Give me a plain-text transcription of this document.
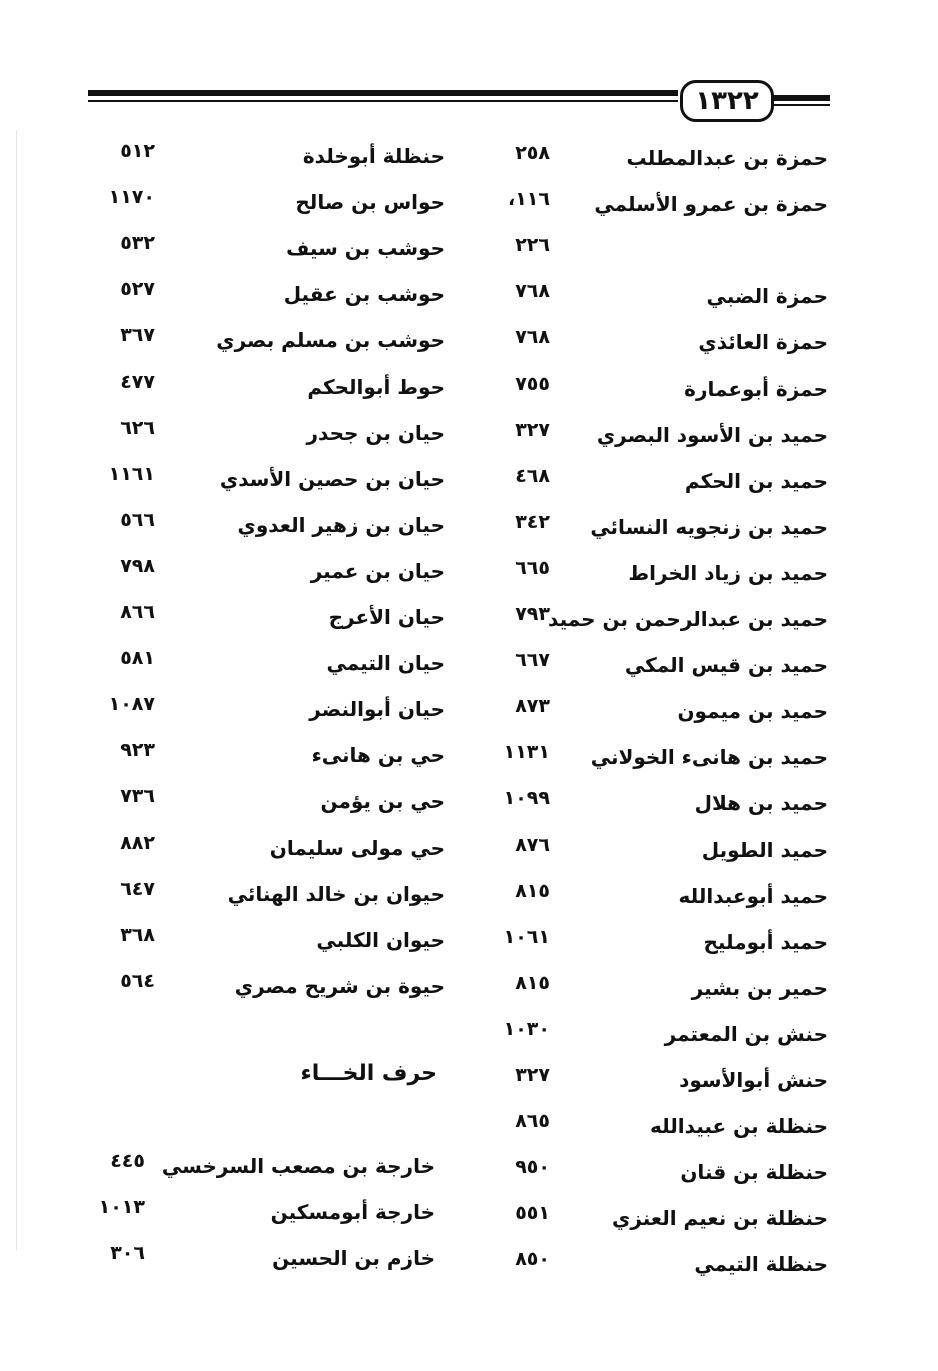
١٣٢٢
حمزة بن عبدالمطلب
٢٥٨
حمزة بن عمرو الأسلمي
١١٦،
٢٢٦
حمزة الضبي
٧٦٨
حمزة العائذي
٧٦٨
حمزة أبوعمارة
٧٥٥
حميد بن الأسود البصري
٣٢٧
حميد بن الحكم
٤٦٨
حميد بن زنجويه النسائي
٣٤٢
حميد بن زياد الخراط
٦٦٥
حميد بن عبدالرحمن بن حميد
٧٩٣
حميد بن قيس المكي
٦٦٧
حميد بن ميمون
٨٧٣
حميد بن هانىء الخولاني
١١٣١
حميد بن هلال
١٠٩٩
حميد الطويل
٨٧٦
حميد أبوعبدالله
٨١٥
حميد أبومليح
١٠٦١
حمير بن بشير
٨١٥
حنش بن المعتمر
١٠٣٠
حنش أبوالأسود
٣٢٧
حنظلة بن عبيدالله
٨٦٥
حنظلة بن قنان
٩٥٠
حنظلة بن نعيم العنزي
٥٥١
حنظلة التيمي
٨٥٠
حنظلة أبوخلدة
٥١٢
حواس بن صالح
١١٧٠
حوشب بن سيف
٥٣٢
حوشب بن عقيل
٥٢٧
حوشب بن مسلم بصري
٣٦٧
حوط أبوالحكم
٤٧٧
حيان بن جحدر
٦٢٦
حيان بن حصين الأسدي
١١٦١
حيان بن زهير العدوي
٥٦٦
حيان بن عمير
٧٩٨
حيان الأعرج
٨٦٦
حيان التيمي
٥٨١
حيان أبوالنضر
١٠٨٧
حي بن هانىء
٩٢٣
حي بن يؤمن
٧٣٦
حي مولى سليمان
٨٨٢
حيوان بن خالد الهنائي
٦٤٧
حيوان الكلبي
٣٦٨
حيوة بن شريح مصري
٥٦٤
حرف الخـــاء
خارجة بن مصعب السرخسي
٤٤٥
خارجة أبومسكين
١٠١٣
خازم بن الحسين
٣٠٦
